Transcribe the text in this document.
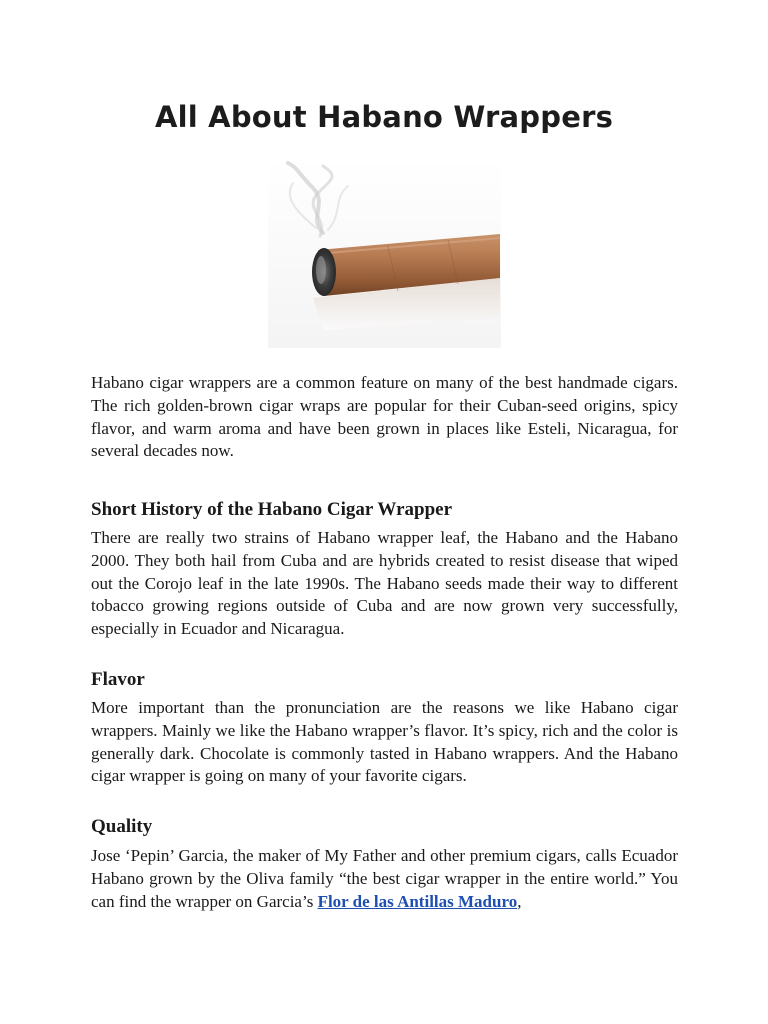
All About Habano Wrappers

Habano cigar wrappers are a common feature on many of the best handmade cigars. The rich golden-brown cigar wraps are popular for their Cuban-seed origins, spicy flavor, and warm aroma and have been grown in places like Esteli, Nicaragua, for several decades now.

Short History of the Habano Cigar Wrapper

There are really two strains of Habano wrapper leaf, the Habano and the Habano 2000. They both hail from Cuba and are hybrids created to resist disease that wiped out the Corojo leaf in the late 1990s. The Habano seeds made their way to different tobacco growing regions outside of Cuba and are now grown very successfully, especially in Ecuador and Nicaragua.

Flavor

More important than the pronunciation are the reasons we like Habano cigar wrappers. Mainly we like the Habano wrapper’s flavor. It’s spicy, rich and the color is generally dark. Chocolate is commonly tasted in Habano wrappers. And the Habano cigar wrapper is going on many of your favorite cigars.

Quality

Jose ‘Pepin’ Garcia, the maker of My Father and other premium cigars, calls Ecuador Habano grown by the Oliva family “the best cigar wrapper in the entire world.” You can find the wrapper on Garcia’s Flor de las Antillas Maduro,
